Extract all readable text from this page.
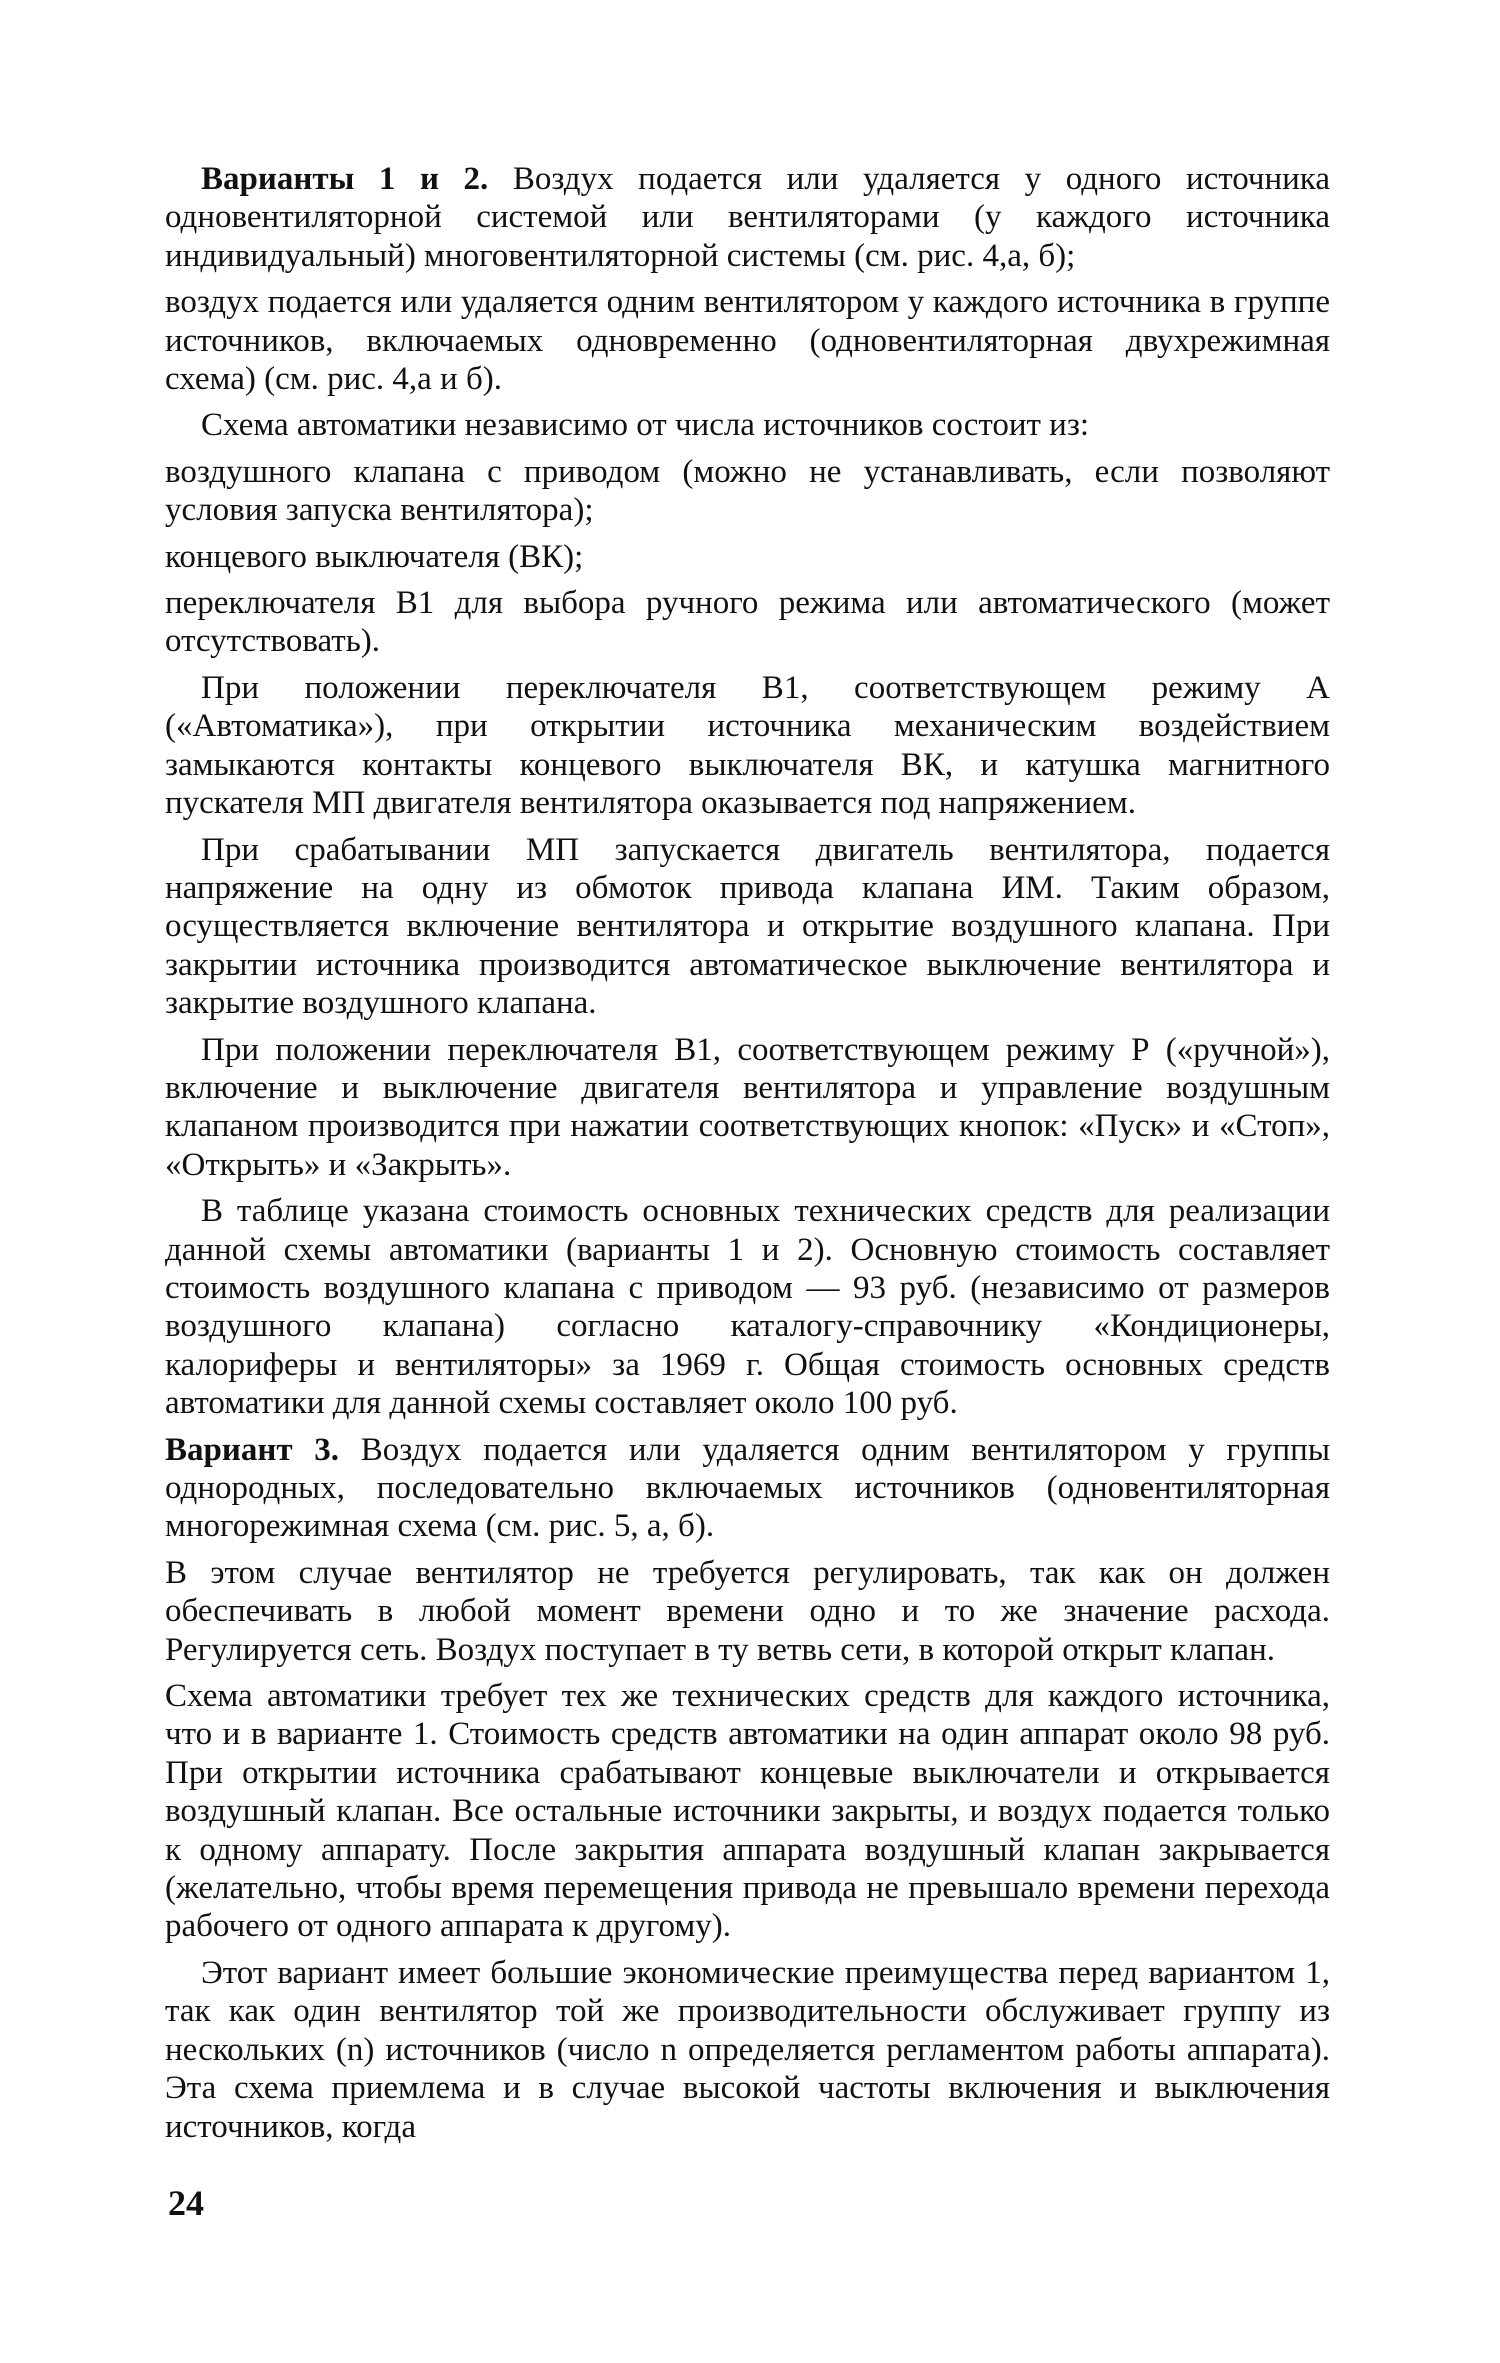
Варианты 1 и 2. Воздух подается или удаляется у одного источника одновентиляторной системой или вентиляторами (у каждого источника индивидуальный) многовентиляторной системы (см. рис. 4,а, б);

воздух подается или удаляется одним вентилятором у каждого источника в группе источников, включаемых одновременно (одновентиляторная двухрежимная схема) (см. рис. 4,а и б).

Схема автоматики независимо от числа источников состоит из:

воздушного клапана с приводом (можно не устанавливать, если позволяют условия запуска вентилятора);

концевого выключателя (ВК);

переключателя В1 для выбора ручного режима или автоматического (может отсутствовать).

При положении переключателя В1, соответствующем режиму А («Автоматика»), при открытии источника механическим воздействием замыкаются контакты концевого выключателя ВК, и катушка магнитного пускателя МП двигателя вентилятора оказывается под напряжением.

При срабатывании МП запускается двигатель вентилятора, подается напряжение на одну из обмоток привода клапана ИМ. Таким образом, осуществляется включение вентилятора и открытие воздушного клапана. При закрытии источника производится автоматическое выключение вентилятора и закрытие воздушного клапана.

При положении переключателя В1, соответствующем режиму Р («ручной»), включение и выключение двигателя вентилятора и управление воздушным клапаном производится при нажатии соответствующих кнопок: «Пуск» и «Стоп», «Открыть» и «Закрыть».

В таблице указана стоимость основных технических средств для реализации данной схемы автоматики (варианты 1 и 2). Основную стоимость составляет стоимость воздушного клапана с приводом — 93 руб. (независимо от размеров воздушного клапана) согласно каталогу-справочнику «Кондиционеры, калориферы и вентиляторы» за 1969 г. Общая стоимость основных средств автоматики для данной схемы составляет около 100 руб.

Вариант 3. Воздух подается или удаляется одним вентилятором у группы однородных, последовательно включаемых источников (одновентиляторная многорежимная схема (см. рис. 5, а, б).

В этом случае вентилятор не требуется регулировать, так как он должен обеспечивать в любой момент времени одно и то же значение расхода. Регулируется сеть. Воздух поступает в ту ветвь сети, в которой открыт клапан.

Схема автоматики требует тех же технических средств для каждого источника, что и в варианте 1. Стоимость средств автоматики на один аппарат около 98 руб. При открытии источника срабатывают концевые выключатели и открывается воздушный клапан. Все остальные источники закрыты, и воздух подается только к одному аппарату. После закрытия аппарата воздушный клапан закрывается (желательно, чтобы время перемещения привода не превышало времени перехода рабочего от одного аппарата к другому).

Этот вариант имеет большие экономические преимущества перед вариантом 1, так как один вентилятор той же производительности обслуживает группу из нескольких (n) источников (число n определяется регламентом работы аппарата). Эта схема приемлема и в случае высокой частоты включения и выключения источников, когда

24
